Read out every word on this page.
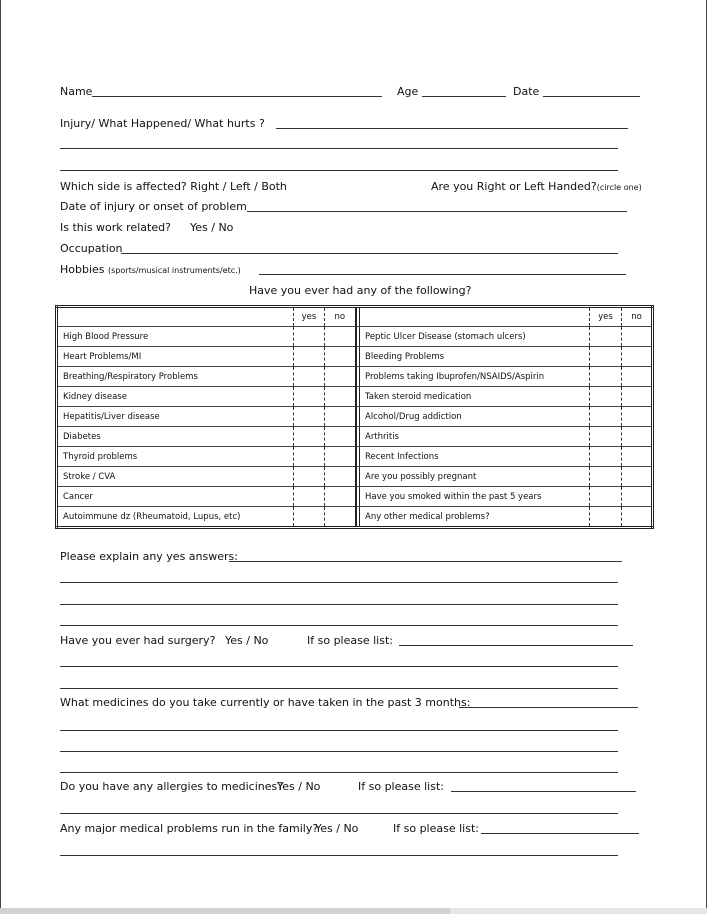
Name	Age	Date
Injury/ What Happened/ What hurts ?
Which side is affected? Right / Left / Both	Are you Right or Left Handed?(circle one)
Date of injury or onset of problem
Is this work related? Yes / No
Occupation
Hobbies (sports/musical instruments/etc.)
Have you ever had any of the following?
	yes	no			yes	no
High Blood Pressure				Peptic Ulcer Disease (stomach ulcers)		
Heart Problems/MI				Bleeding Problems		
Breathing/Respiratory Problems				Problems taking Ibuprofen/NSAIDS/Aspirin		
Kidney disease				Taken steroid medication		
Hepatitis/Liver disease				Alcohol/Drug addiction		
Diabetes				Arthritis		
Thyroid problems				Recent Infections		
Stroke / CVA				Are you possibly pregnant		
Cancer				Have you smoked within the past 5 years		
Autoimmune dz (Rheumatoid, Lupus, etc)				Any other medical problems?		
Please explain any yes answers:
Have you ever had surgery? Yes / No	If so please list:
What medicines do you take currently or have taken in the past 3 months:
Do you have any allergies to medicines?
Yes / No	If so please list:
Any major medical problems run in the family?
Yes / No	If so please list:
